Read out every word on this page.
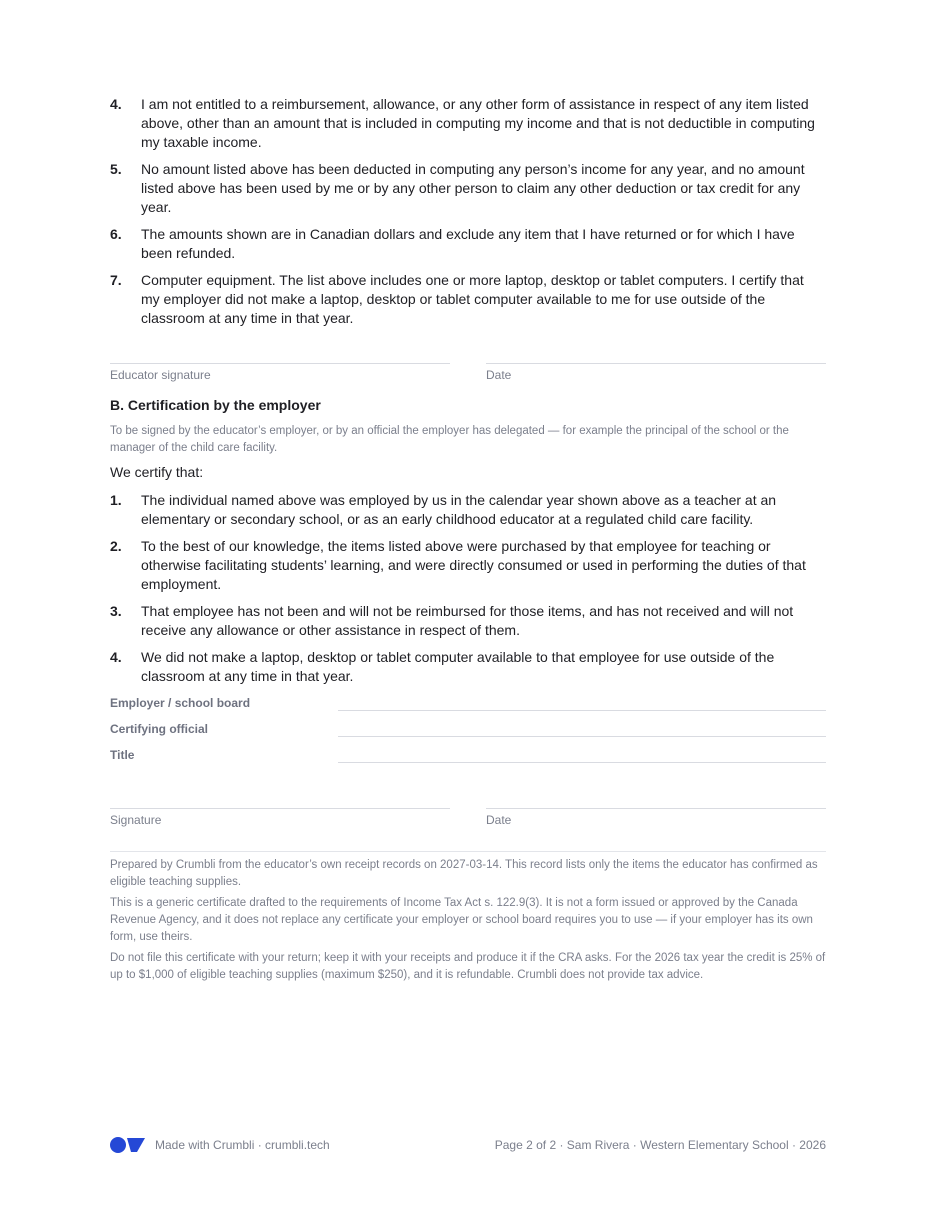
4.	I am not entitled to a reimbursement, allowance, or any other form of assistance in respect of any item listed above, other than an amount that is included in computing my income and that is not deductible in computing my taxable income.
5.	No amount listed above has been deducted in computing any person’s income for any year, and no amount listed above has been used by me or by any other person to claim any other deduction or tax credit for any year.
6.	The amounts shown are in Canadian dollars and exclude any item that I have returned or for which I have been refunded.
7.	Computer equipment. The list above includes one or more laptop, desktop or tablet computers. I certify that my employer did not make a laptop, desktop or tablet computer available to me for use outside of the classroom at any time in that year.
Educator signature	Date
B. Certification by the employer
To be signed by the educator’s employer, or by an official the employer has delegated — for example the principal of the school or the manager of the child care facility.
We certify that:
1.	The individual named above was employed by us in the calendar year shown above as a teacher at an elementary or secondary school, or as an early childhood educator at a regulated child care facility.
2.	To the best of our knowledge, the items listed above were purchased by that employee for teaching or otherwise facilitating students’ learning, and were directly consumed or used in performing the duties of that employment.
3.	That employee has not been and will not be reimbursed for those items, and has not received and will not receive any allowance or other assistance in respect of them.
4.	We did not make a laptop, desktop or tablet computer available to that employee for use outside of the classroom at any time in that year.
Employer / school board
Certifying official
Title
Signature	Date

Prepared by Crumbli from the educator’s own receipt records on 2027-03-14. This record lists only the items the educator has confirmed as eligible teaching supplies.

This is a generic certificate drafted to the requirements of Income Tax Act s. 122.9(3). It is not a form issued or approved by the Canada Revenue Agency, and it does not replace any certificate your employer or school board requires you to use — if your employer has its own form, use theirs.

Do not file this certificate with your return; keep it with your receipts and produce it if the CRA asks. For the 2026 tax year the credit is 25% of up to $1,000 of eligible teaching supplies (maximum $250), and it is refundable. Crumbli does not provide tax advice.

Made with Crumbli · crumbli.tech	Page 2 of 2 · Sam Rivera · Western Elementary School · 2026
